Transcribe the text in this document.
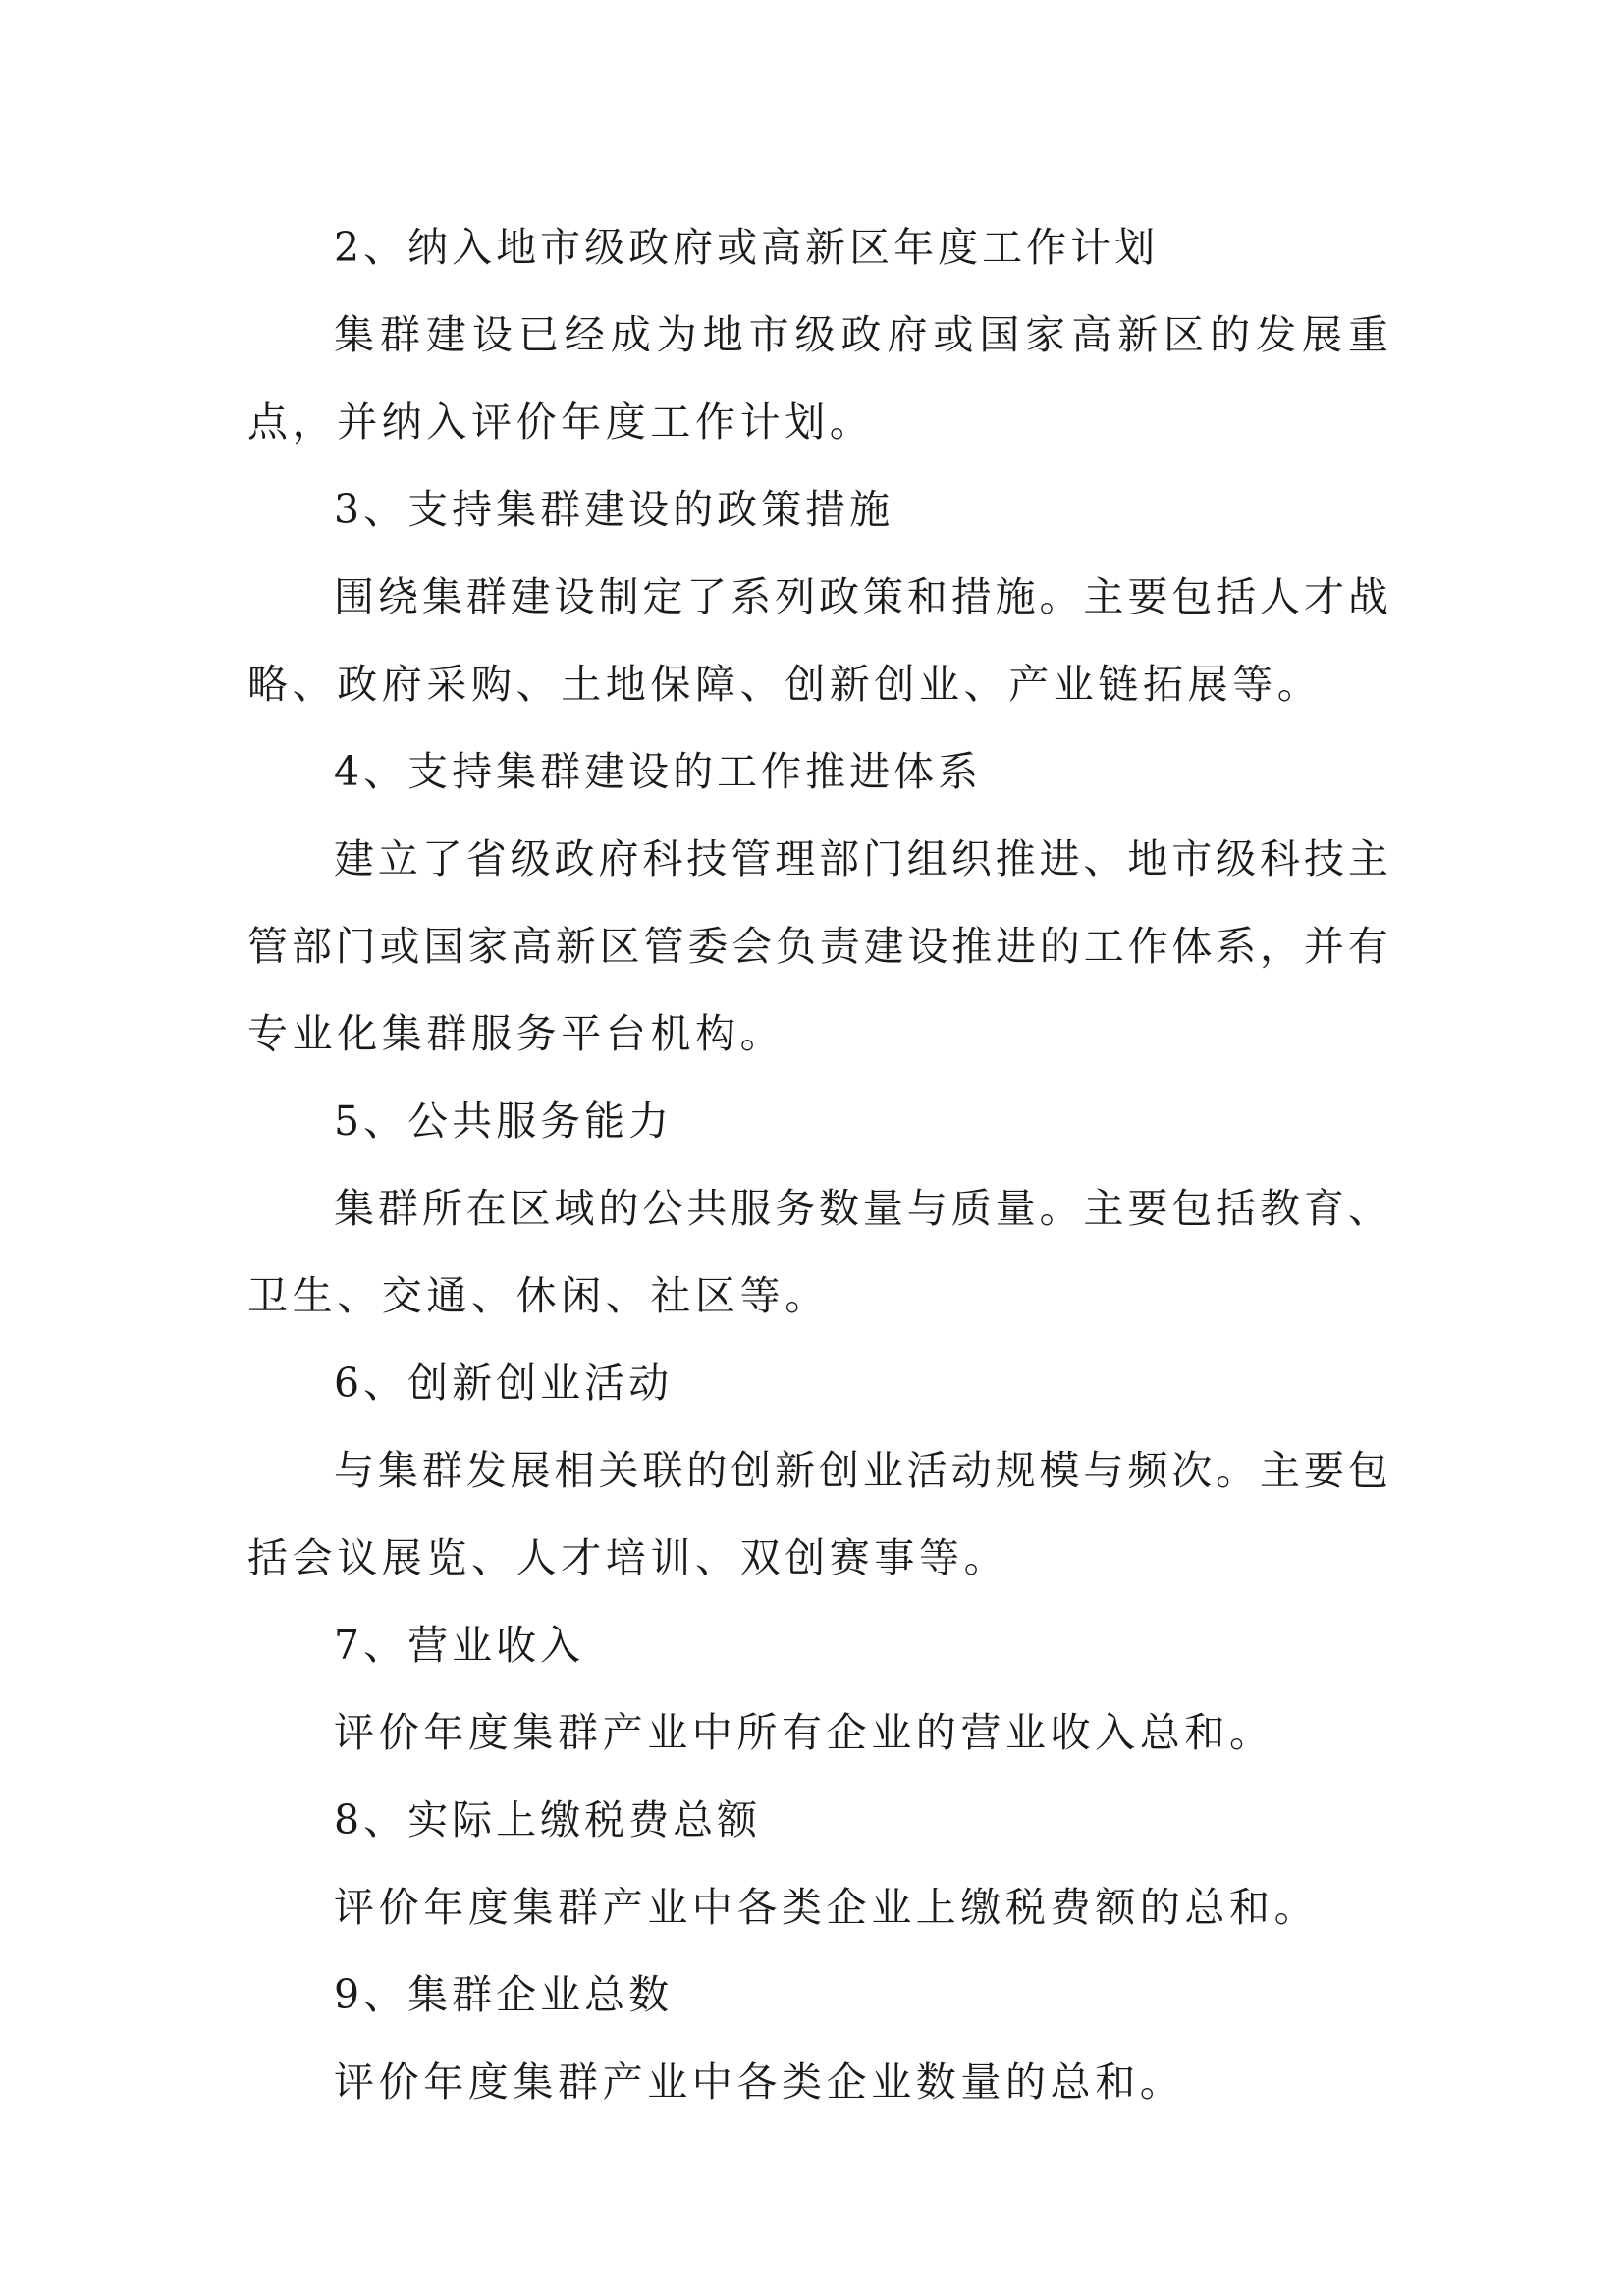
2、纳入地市级政府或高新区年度工作计划
集 群 建 设 已 经 成 为 地 市 级 政 府 或 国 家 高 新 区 的 发 展 重
点，并纳入评价年度工作计划。
3、支持集群建设的政策措施
围 绕 集 群 建 设 制 定 了 系 列 政 策 和 措 施 。 主 要 包 括 人 才 战
略、政府采购、土地保障、创新创业、产业链拓展等。
4、支持集群建设的工作推进体系
建 立 了 省 级 政 府 科 技 管 理 部 门 组 织 推 进 、 地 市 级 科 技 主
管 部 门 或 国 家 高 新 区 管 委 会 负 责 建 设 推 进 的 工 作 体 系 ， 并 有
专业化集群服务平台机构。
5、公共服务能力
集 群 所 在 区 域 的 公 共 服 务 数 量 与 质 量 。 主 要 包 括 教 育 、
卫生、交通、休闲、社区等。
6、创新创业活动
与 集 群 发 展 相 关 联 的 创 新 创 业 活 动 规 模 与 频 次 。 主 要 包
括会议展览、人才培训、双创赛事等。
7、营业收入
评价年度集群产业中所有企业的营业收入总和。
8、实际上缴税费总额
评价年度集群产业中各类企业上缴税费额的总和。
9、集群企业总数
评价年度集群产业中各类企业数量的总和。
